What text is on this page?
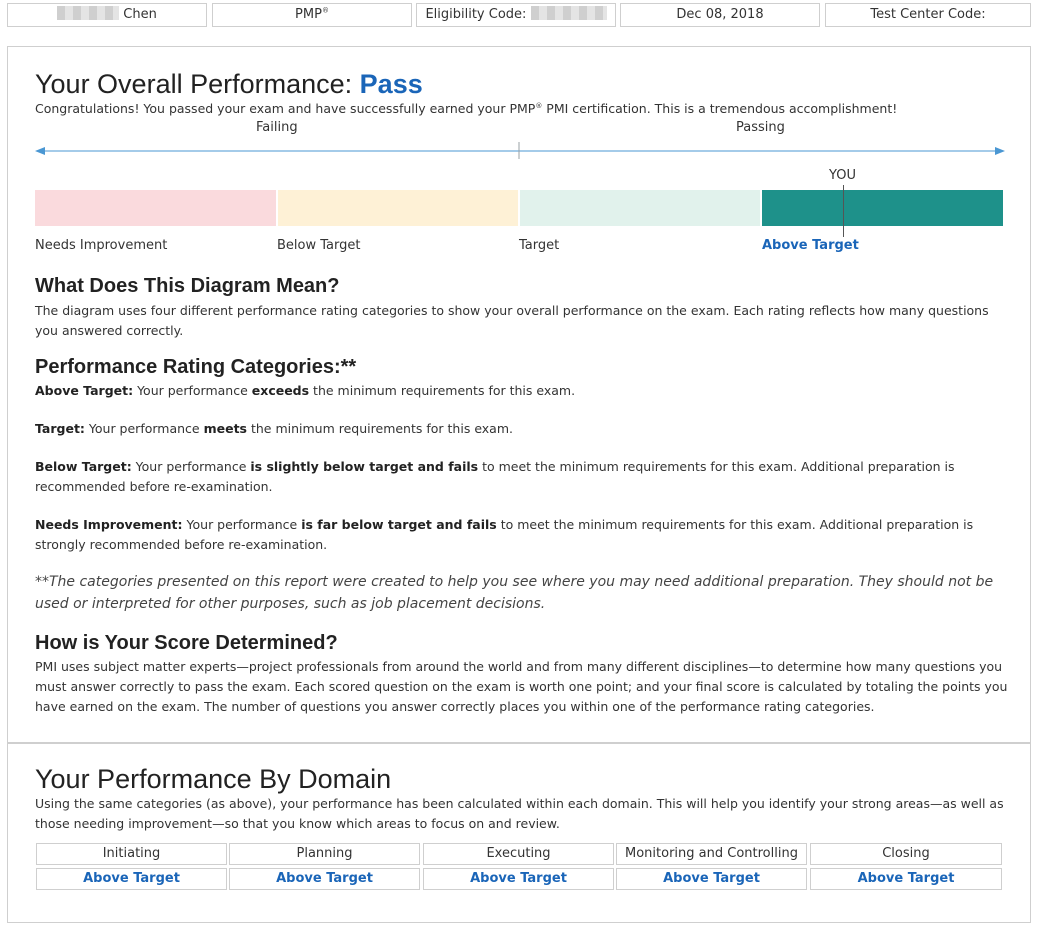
Chen	PMP®	Eligibility Code:	Dec 08, 2018	Test Center Code:
Your Overall Performance: Pass
Congratulations! You passed your exam and have successfully earned your PMP® PMI certification. This is a tremendous accomplishment!
Failing	Passing
YOU
Needs Improvement	Below Target	Target	Above Target
What Does This Diagram Mean?
The diagram uses four different performance rating categories to show your overall performance on the exam. Each rating reflects how many questions you answered correctly.
Performance Rating Categories:**
Above Target: Your performance exceeds the minimum requirements for this exam.
Target: Your performance meets the minimum requirements for this exam.
Below Target: Your performance is slightly below target and fails to meet the minimum requirements for this exam. Additional preparation is recommended before re-examination.
Needs Improvement: Your performance is far below target and fails to meet the minimum requirements for this exam. Additional preparation is strongly recommended before re-examination.
**The categories presented on this report were created to help you see where you may need additional preparation. They should not be used or interpreted for other purposes, such as job placement decisions.
How is Your Score Determined?
PMI uses subject matter experts—project professionals from around the world and from many different disciplines—to determine how many questions you must answer correctly to pass the exam. Each scored question on the exam is worth one point; and your final score is calculated by totaling the points you have earned on the exam. The number of questions you answer correctly places you within one of the performance rating categories.
Your Performance By Domain
Using the same categories (as above), your performance has been calculated within each domain. This will help you identify your strong areas—as well as those needing improvement—so that you know which areas to focus on and review.
Initiating	Planning	Executing	Monitoring and Controlling	Closing
Above Target	Above Target	Above Target	Above Target	Above Target
